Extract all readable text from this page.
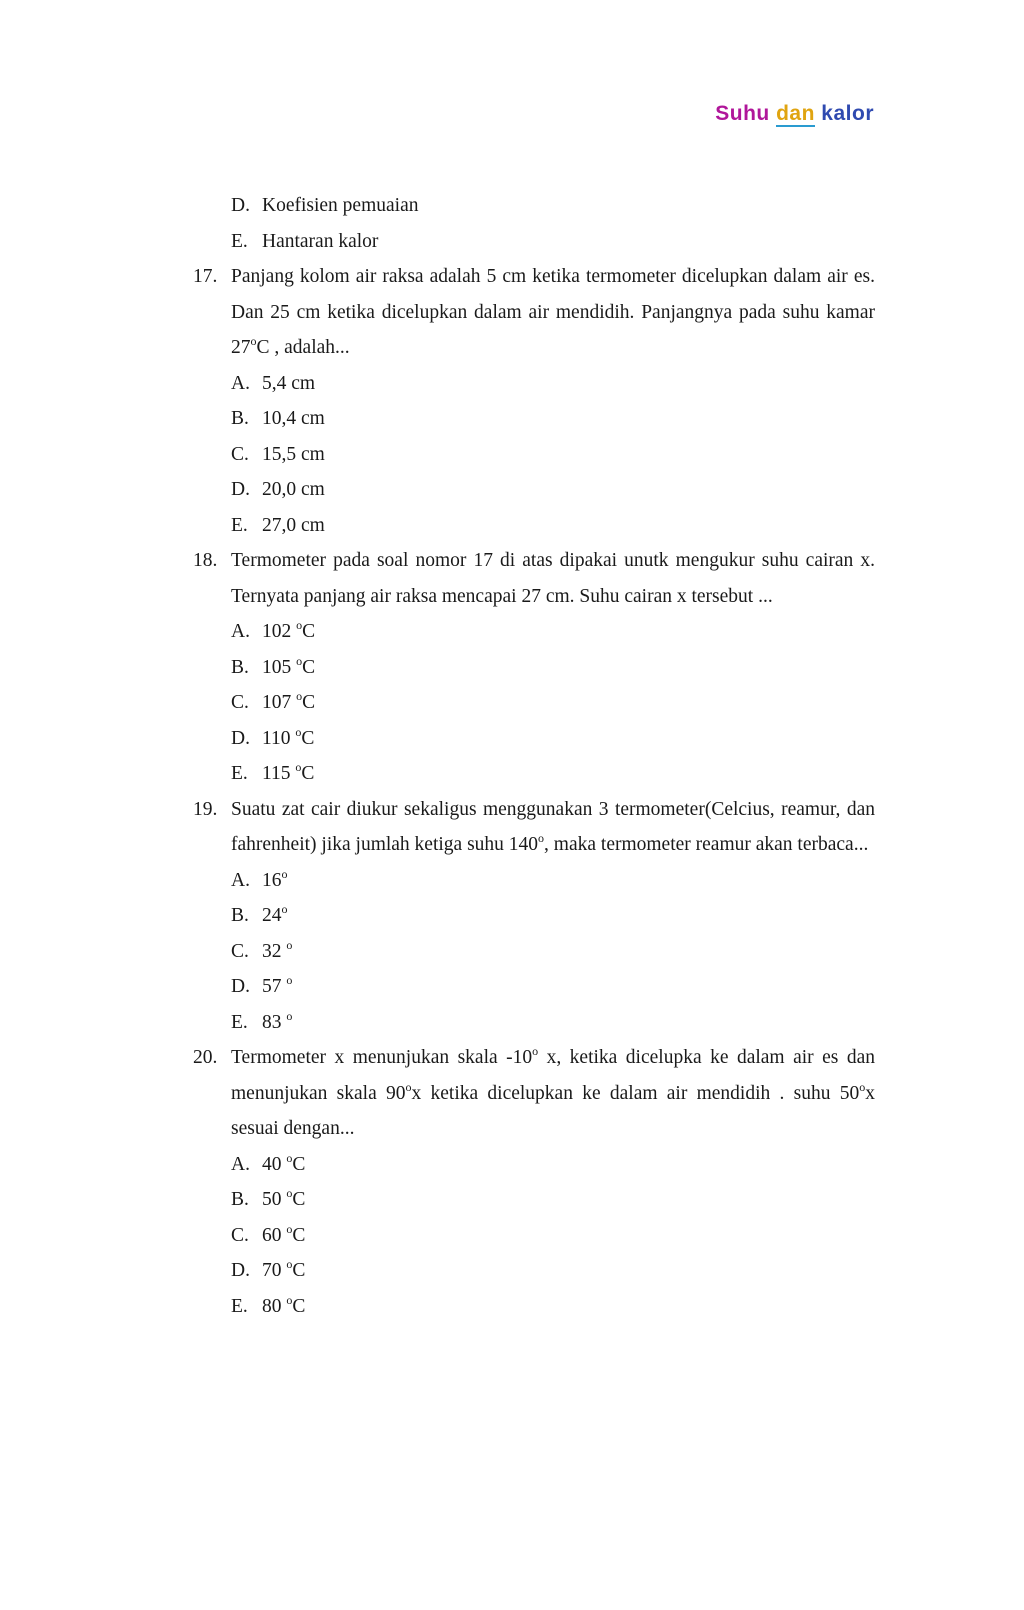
Suhu dan kalor
D. Koefisien pemuaian
E. Hantaran kalor
17. Panjang kolom air raksa adalah 5 cm ketika termometer dicelupkan dalam air es. Dan 25 cm ketika dicelupkan dalam air mendidih. Panjangnya pada suhu kamar 27$^o$C , adalah...
A. 5,4 cm
B. 10,4 cm
C. 15,5 cm
D. 20,0 cm
E. 27,0 cm
18. Termometer pada soal nomor 17 di atas dipakai unutk mengukur suhu cairan x. Ternyata panjang air raksa mencapai 27 cm. Suhu cairan x tersebut ...
A. 102 $^o$C
B. 105 $^o$C
C. 107 $^o$C
D. 110 $^o$C
E. 115 $^o$C
19. Suatu zat cair diukur sekaligus menggunakan 3 termometer(Celcius, reamur, dan fahrenheit) jika jumlah ketiga suhu 140$^o$, maka termometer reamur akan terbaca...
A. 16$^o$
B. 24$^o$
C. 32 $^o$
D. 57 $^o$
E. 83 $^o$
20. Termometer x menunjukan skala -10$^o$ x, ketika dicelupka ke dalam air es dan menunjukan skala 90$^o$x ketika dicelupkan ke dalam air mendidih . suhu 50$^o$x sesuai dengan...
A. 40 $^o$C
B. 50 $^o$C
C. 60 $^o$C
D. 70 $^o$C
E. 80 $^o$C
